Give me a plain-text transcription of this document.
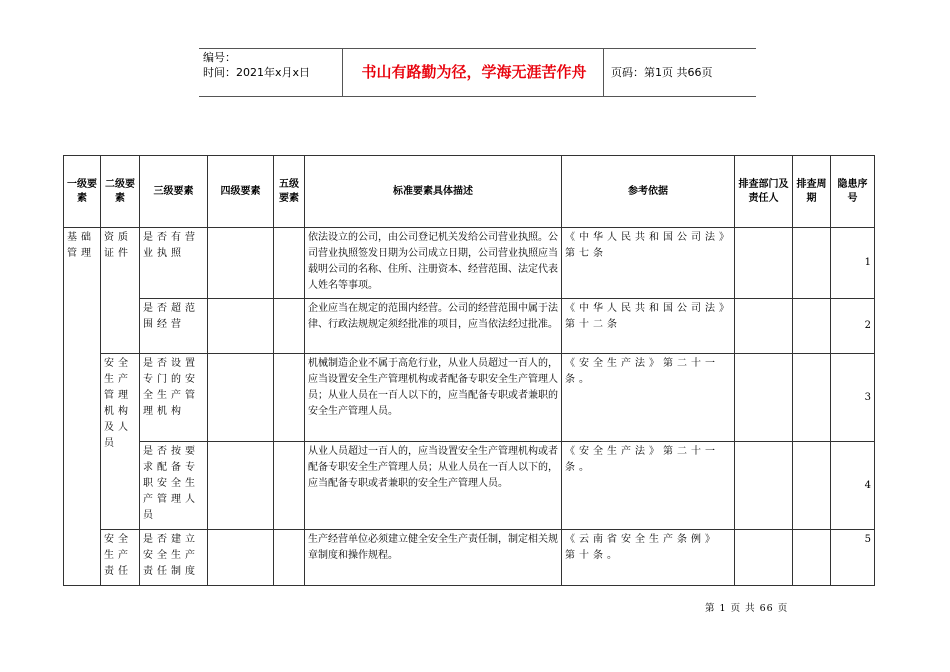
编号：
时间：2021年x月x日	书山有路勤为径，学海无涯苦作舟	页码：第1页 共66页
一级要素	二级要素	三级要素	四级要素	五级要素	标准要素具体描述	参考依据	排查部门及责任人	排查周期	隐患序号
基础管理	资质证件	是否有营业执照			依法设立的公司，由公司登记机关发给公司营业执照。公司营业执照签发日期为公司成立日期，公司营业执照应当载明公司的名称、住所、注册资本、经营范围、法定代表人姓名等事项。	《中华人民共和国公司法》第七条			1
		是否超范围经营			企业应当在规定的范围内经营。公司的经营范围中属于法律、行政法规规定须经批准的项目，应当依法经过批准。	《中华人民共和国公司法》第十二条			2
	安全生产管理机构及人员	是否设置专门的安全生产管理机构			机械制造企业不属于高危行业，从业人员超过一百人的，应当设置安全生产管理机构或者配备专职安全生产管理人员；从业人员在一百人以下的，应当配备专职或者兼职的安全生产管理人员。	《安全生产法》第二十一条。			3
		是否按要求配备专职安全生产管理人员			从业人员超过一百人的，应当设置安全生产管理机构或者配备专职安全生产管理人员；从业人员在一百人以下的，应当配备专职或者兼职的安全生产管理人员。	《安全生产法》第二十一条。			4
	安全生产责任	是否建立安全生产责任制度			生产经营单位必须建立健全安全生产责任制，制定相关规章制度和操作规程。	《云南省安全生产条例》第十条。			5
第 1 页 共 66 页
